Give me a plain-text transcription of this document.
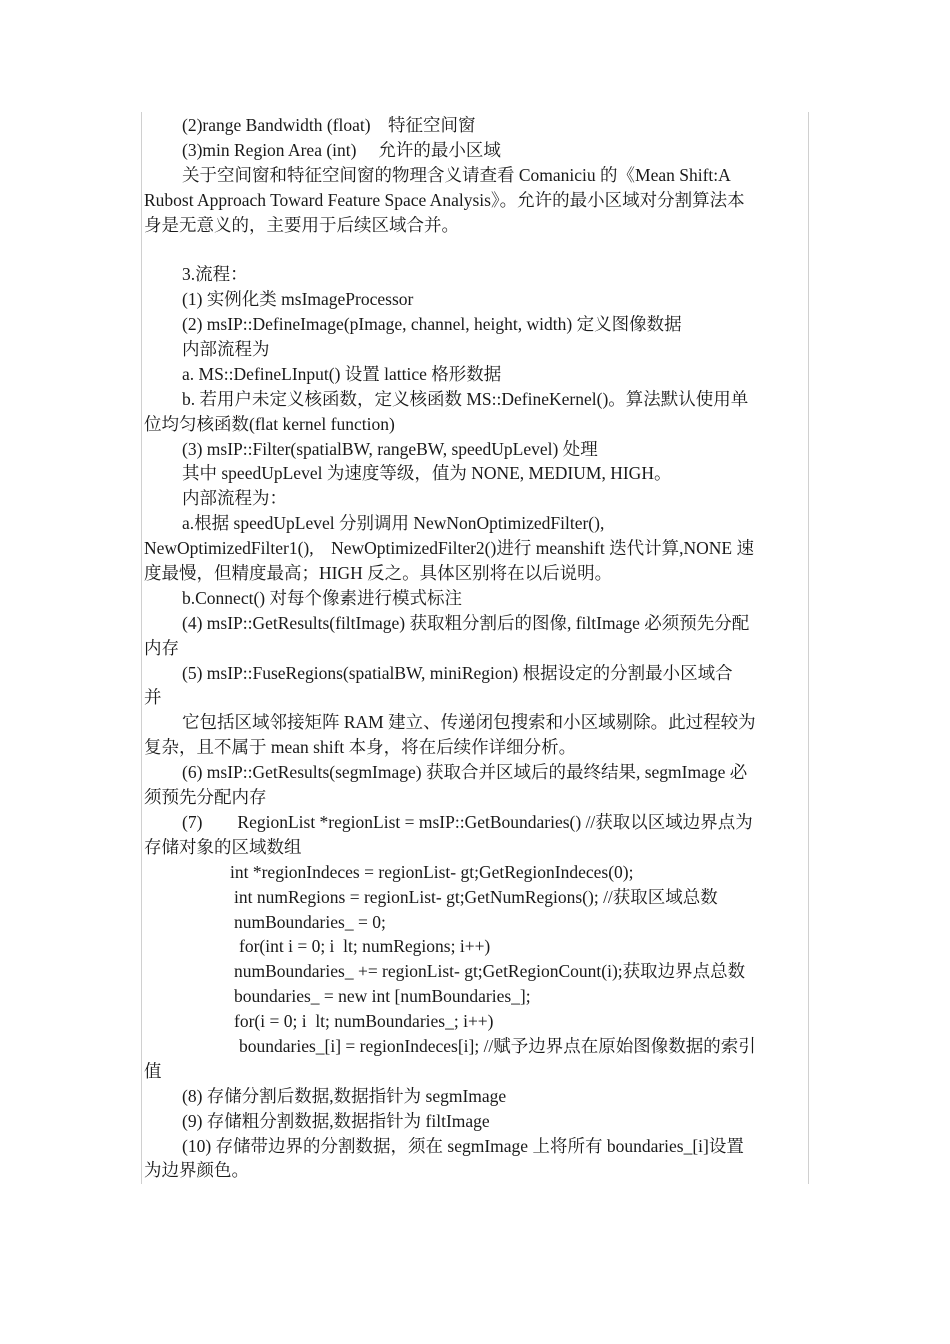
(2)range Bandwidth (float)　特征空间窗
(3)min Region Area (int)　 允许的最小区域
关于空间窗和特征空间窗的物理含义请查看 Comaniciu 的《Mean Shift:A
Rubost Approach Toward Feature Space Analysis》。允许的最小区域对分割算法本
身是无意义的，主要用于后续区域合并。
3.流程：
(1) 实例化类 msImageProcessor
(2) msIP::DefineImage(pImage, channel, height, width) 定义图像数据
内部流程为
a. MS::DefineLInput() 设置 lattice 格形数据
b. 若用户未定义核函数，定义核函数 MS::DefineKernel()。算法默认使用单
位均匀核函数(flat kernel function)
(3) msIP::Filter(spatialBW, rangeBW, speedUpLevel) 处理
其中 speedUpLevel 为速度等级，值为 NONE, MEDIUM, HIGH。
内部流程为：
a.根据 speedUpLevel 分别调用 NewNonOptimizedFilter(),
NewOptimizedFilter1(),　NewOptimizedFilter2()进行 meanshift 迭代计算,NONE 速
度最慢，但精度最高；HIGH 反之。具体区别将在以后说明。
b.Connect() 对每个像素进行模式标注
(4) msIP::GetResults(filtImage) 获取粗分割后的图像, filtImage 必须预先分配
内存
(5) msIP::FuseRegions(spatialBW, miniRegion) 根据设定的分割最小区域合
并
它包括区域邻接矩阵 RAM 建立、传递闭包搜索和小区域剔除。此过程较为
复杂，且不属于 mean shift 本身，将在后续作详细分析。
(6) msIP::GetResults(segmImage) 获取合并区域后的最终结果, segmImage 必
须预先分配内存
(7)　　RegionList *regionList = msIP::GetBoundaries() //获取以区域边界点为
存储对象的区域数组
int *regionIndeces = regionList- gt;GetRegionIndeces(0);
int numRegions = regionList- gt;GetNumRegions(); //获取区域总数
numBoundaries_ = 0;
for(int i = 0; i  lt; numRegions; i++)
numBoundaries_ += regionList- gt;GetRegionCount(i);获取边界点总数
boundaries_ = new int [numBoundaries_];
for(i = 0; i  lt; numBoundaries_; i++)
boundaries_[i] = regionIndeces[i]; //赋予边界点在原始图像数据的索引
值
(8) 存储分割后数据,数据指针为 segmImage
(9) 存储粗分割数据,数据指针为 filtImage
(10) 存储带边界的分割数据，须在 segmImage 上将所有 boundaries_[i]设置
为边界颜色。
